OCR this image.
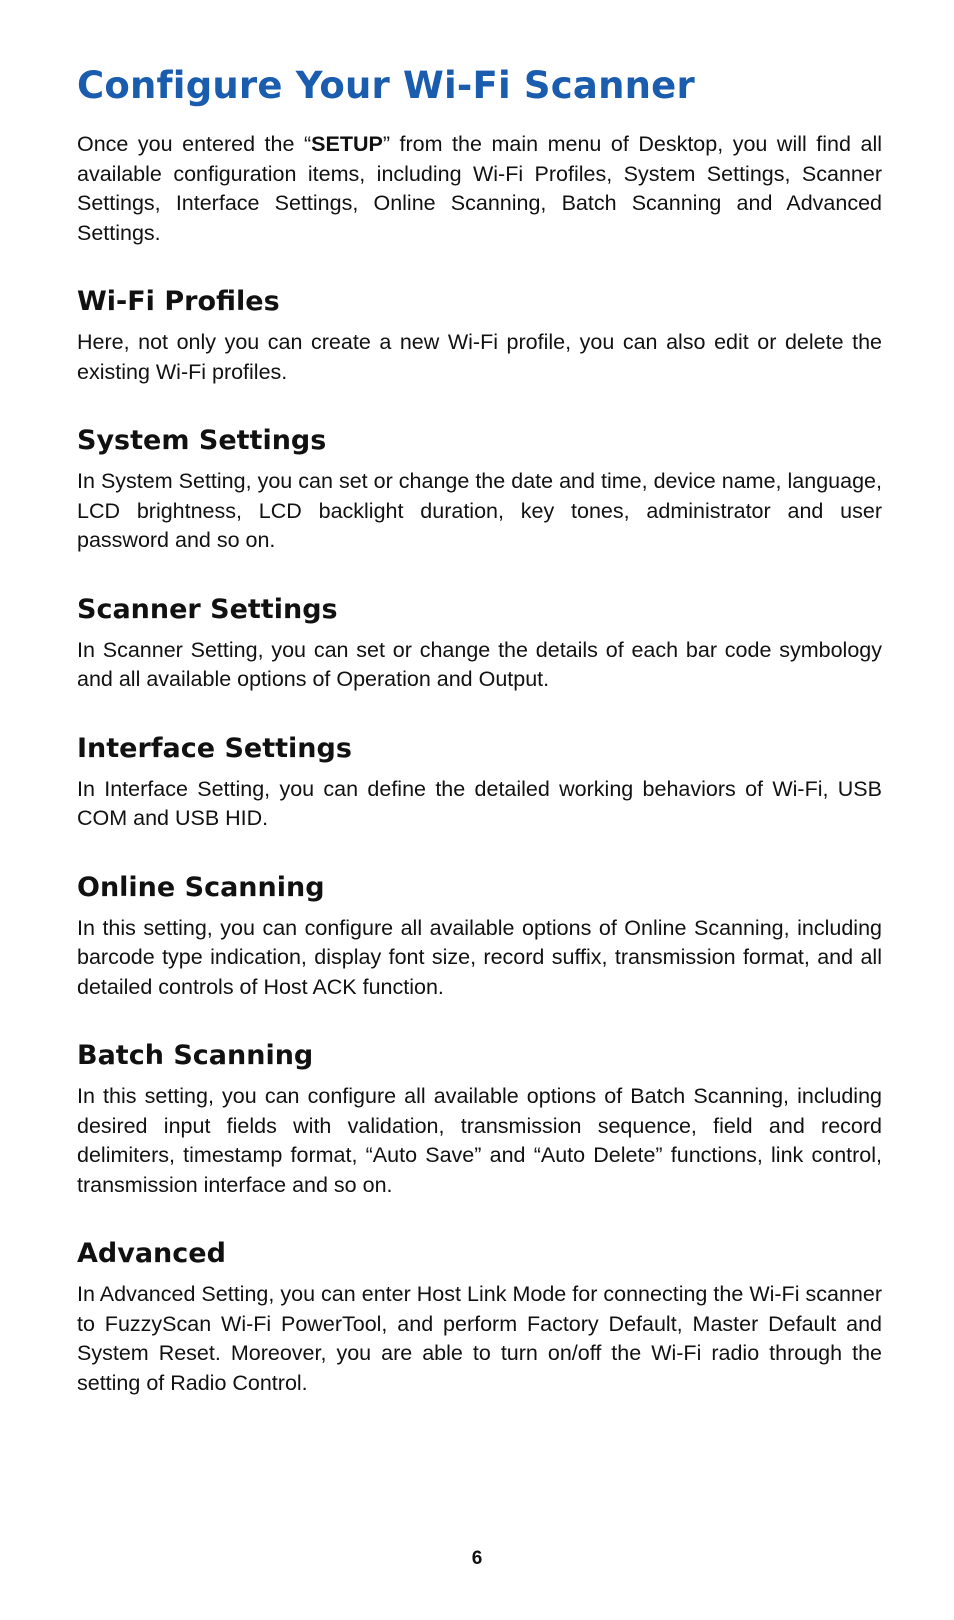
Configure Your Wi-Fi Scanner

Once you entered the “SETUP” from the main menu of Desktop, you will find all available configuration items, including Wi-Fi Profiles, System Settings, Scanner Settings, Interface Settings, Online Scanning, Batch Scanning and Advanced Settings.

Wi-Fi Profiles

Here, not only you can create a new Wi-Fi profile, you can also edit or delete the existing Wi-Fi profiles.

System Settings

In System Setting, you can set or change the date and time, device name, language, LCD brightness, LCD backlight duration, key tones, administrator and user password and so on.

Scanner Settings

In Scanner Setting, you can set or change the details of each bar code symbology and all available options of Operation and Output.

Interface Settings

In Interface Setting, you can define the detailed working behaviors of Wi-Fi, USB COM and USB HID.

Online Scanning

In this setting, you can configure all available options of Online Scanning, including barcode type indication, display font size, record suffix, transmission format, and all detailed controls of Host ACK function.

Batch Scanning

In this setting, you can configure all available options of Batch Scanning, including desired input fields with validation, transmission sequence, field and record delimiters, timestamp format, “Auto Save” and “Auto Delete” functions, link control, transmission interface and so on.

Advanced

In Advanced Setting, you can enter Host Link Mode for connecting the Wi-Fi scanner to FuzzyScan Wi-Fi PowerTool, and perform Factory Default, Master Default and System Reset. Moreover, you are able to turn on/off the Wi-Fi radio through the setting of Radio Control.

6
